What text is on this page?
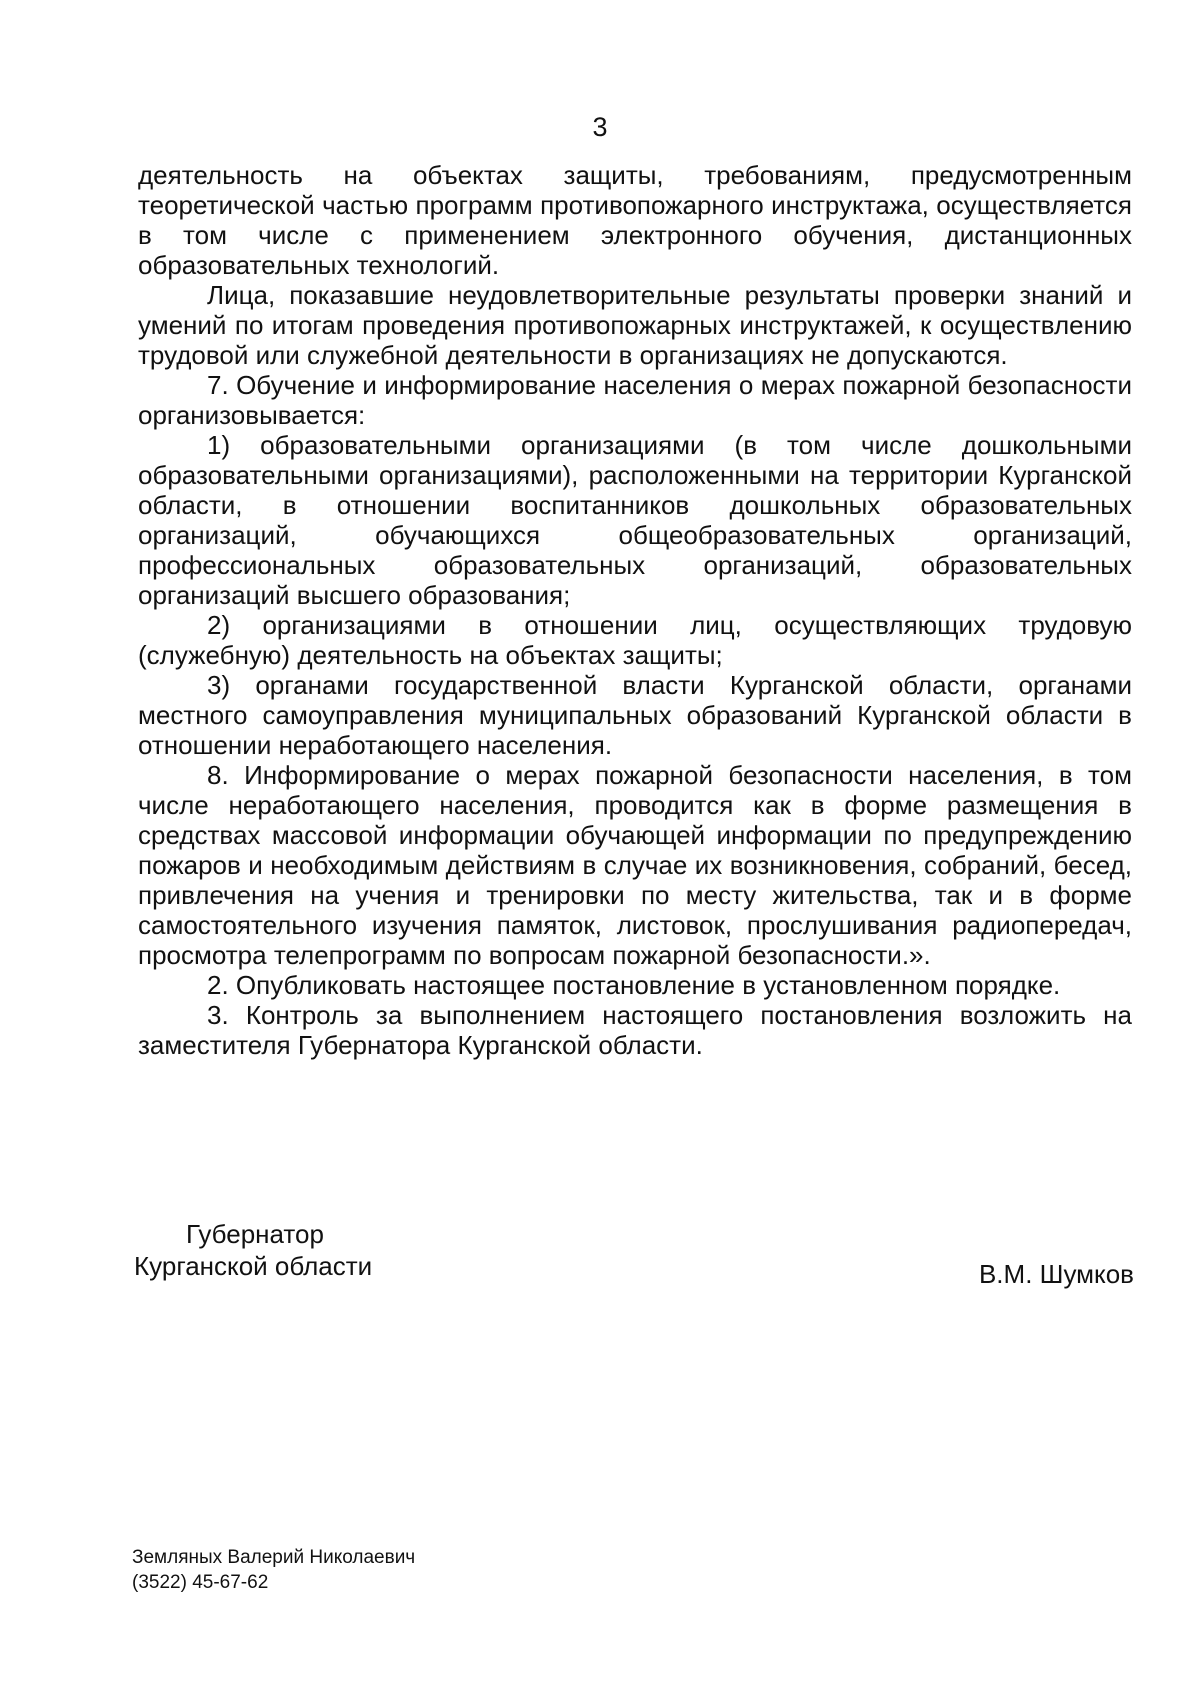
3

деятельность на объектах защиты, требованиям, предусмотренным теоретической частью программ противопожарного инструктажа, осуществляется в том числе с применением электронного обучения, дистанционных образовательных технологий.

Лица, показавшие неудовлетворительные результаты проверки знаний и умений по итогам проведения противопожарных инструктажей, к осуществлению трудовой или служебной деятельности в организациях не допускаются.

7. Обучение и информирование населения о мерах пожарной безопасности организовывается:

1) образовательными организациями (в том числе дошкольными образовательными организациями), расположенными на территории Курганской области, в отношении воспитанников дошкольных образовательных организаций, обучающихся общеобразовательных организаций, профессиональных образовательных организаций, образовательных организаций высшего образования;

2) организациями в отношении лиц, осуществляющих трудовую (служебную) деятельность на объектах защиты;

3) органами государственной власти Курганской области, органами местного самоуправления муниципальных образований Курганской области в отношении неработающего населения.

8. Информирование о мерах пожарной безопасности населения, в том числе неработающего населения, проводится как в форме размещения в средствах массовой информации обучающей информации по предупреждению пожаров и необходимым действиям в случае их возникновения, собраний, бесед, привлечения на учения и тренировки по месту жительства, так и в форме самостоятельного изучения памяток, листовок, прослушивания радиопередач, просмотра телепрограмм по вопросам пожарной безопасности.».

2. Опубликовать настоящее постановление в установленном порядке.

3. Контроль за выполнением настоящего постановления возложить на заместителя Губернатора Курганской области.

Губернатор
Курганской области	В.М. Шумков
Земляных Валерий Николаевич
(3522) 45-67-62
